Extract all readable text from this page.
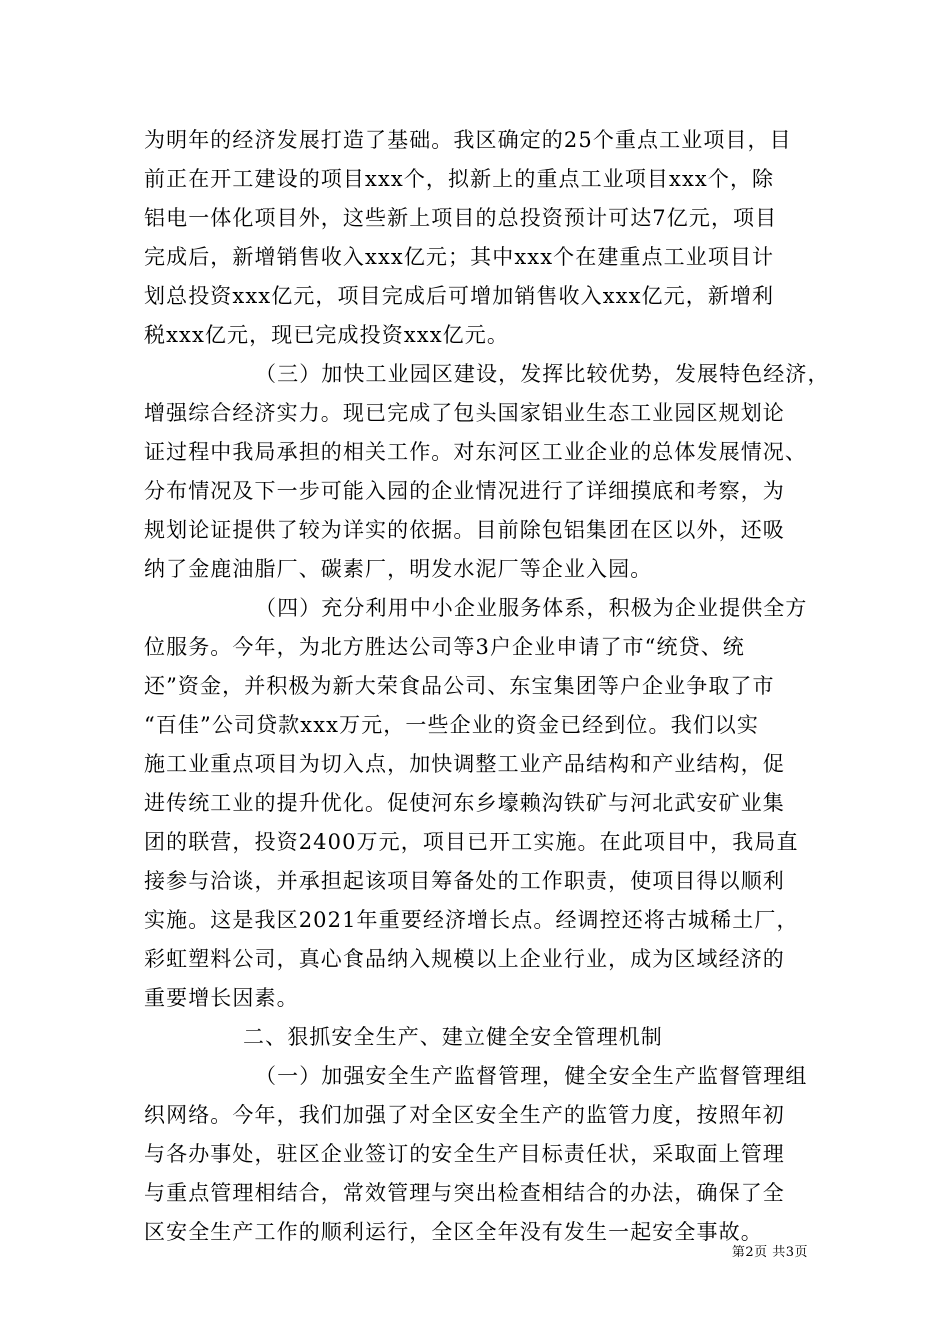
为明年的经济发展打造了基础。我区确定的25个重点工业项目，目
前正在开工建设的项目xxx个，拟新上的重点工业项目xxx个，除
铝电一体化项目外，这些新上项目的总投资预计可达7亿元，项目
完成后，新增销售收入xxx亿元；其中xxx个在建重点工业项目计
划总投资xxx亿元，项目完成后可增加销售收入xxx亿元，新增利
税xxx亿元，现已完成投资xxx亿元。
（三）加快工业园区建设，发挥比较优势，发展特色经济，
增强综合经济实力。现已完成了包头国家铝业生态工业园区规划论
证过程中我局承担的相关工作。对东河区工业企业的总体发展情况、
分布情况及下一步可能入园的企业情况进行了详细摸底和考察，为
规划论证提供了较为详实的依据。目前除包铝集团在区以外，还吸
纳了金鹿油脂厂、碳素厂，明发水泥厂等企业入园。
（四）充分利用中小企业服务体系，积极为企业提供全方
位服务。今年，为北方胜达公司等3户企业申请了市“统贷、统
还”资金，并积极为新大荣食品公司、东宝集团等户企业争取了市
“百佳”公司贷款xxx万元，一些企业的资金已经到位。我们以实
施工业重点项目为切入点，加快调整工业产品结构和产业结构，促
进传统工业的提升优化。促使河东乡壕赖沟铁矿与河北武安矿业集
团的联营，投资2400万元，项目已开工实施。在此项目中，我局直
接参与洽谈，并承担起该项目筹备处的工作职责，使项目得以顺利
实施。这是我区2021年重要经济增长点。经调控还将古城稀土厂，
彩虹塑料公司，真心食品纳入规模以上企业行业，成为区域经济的
重要增长因素。
二、狠抓安全生产、建立健全安全管理机制
（一）加强安全生产监督管理，健全安全生产监督管理组
织网络。今年，我们加强了对全区安全生产的监管力度，按照年初
与各办事处，驻区企业签订的安全生产目标责任状，采取面上管理
与重点管理相结合，常效管理与突出检查相结合的办法，确保了全
区安全生产工作的顺利运行，全区全年没有发生一起安全事故。
第2页 共3页
